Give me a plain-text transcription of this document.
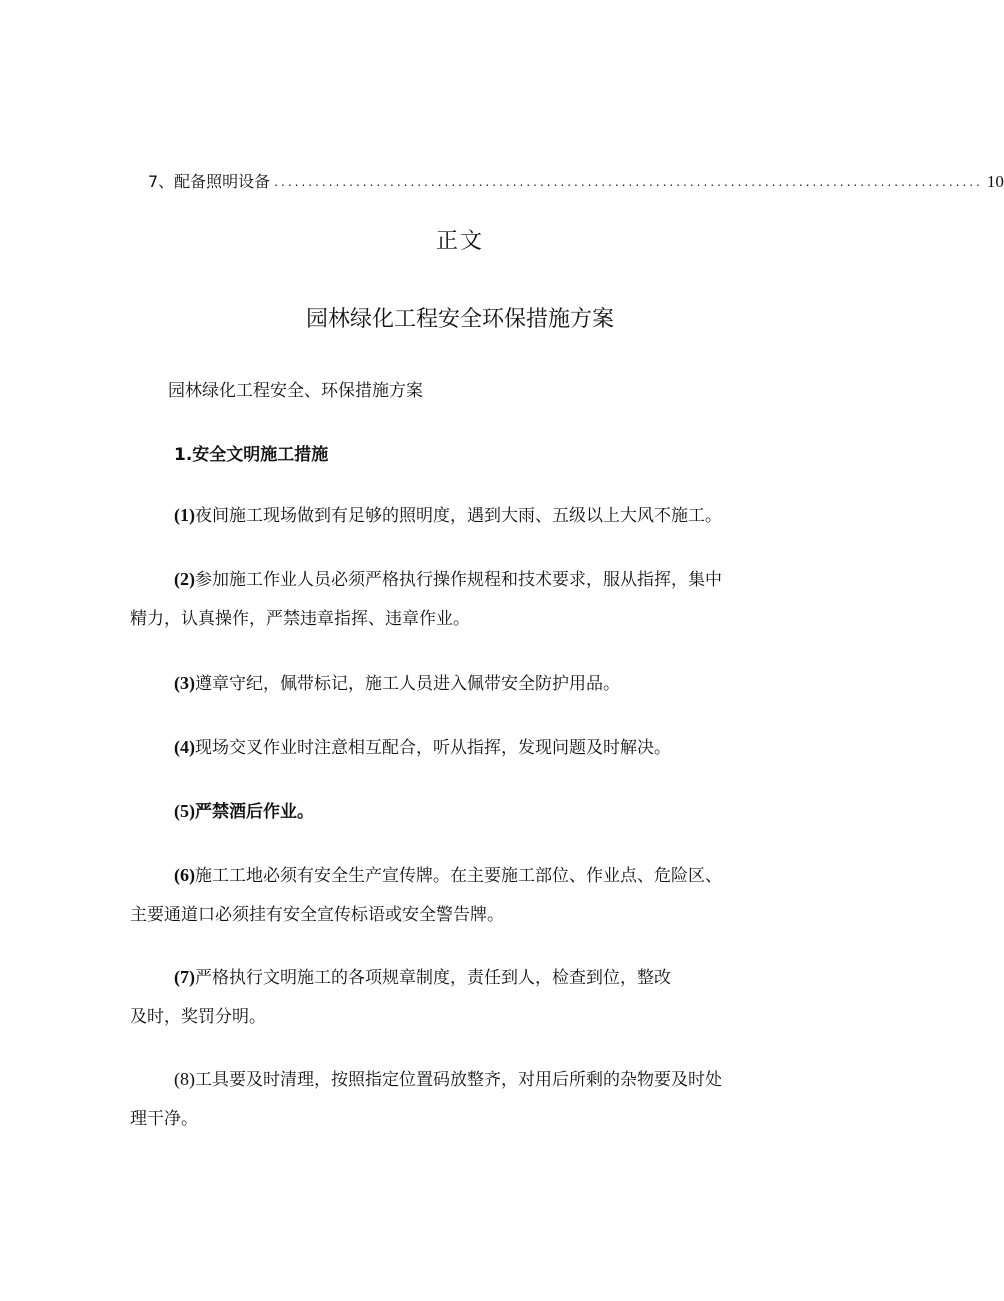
7、配备照明设备 ........................................................................................................ 10
正文
园林绿化工程安全环保措施方案
园林绿化工程安全、环保措施方案
1.安全文明施工措施
(1)夜间施工现场做到有足够的照明度，遇到大雨、五级以上大风不施工。
(2)参加施工作业人员必须严格执行操作规程和技术要求，服从指挥，集中
精力，认真操作，严禁违章指挥、违章作业。
(3)遵章守纪，佩带标记，施工人员进入佩带安全防护用品。
(4)现场交叉作业时注意相互配合，听从指挥，发现问题及时解决。
(5)严禁酒后作业。
(6)施工工地必须有安全生产宣传牌。在主要施工部位、作业点、危险区、
主要通道口必须挂有安全宣传标语或安全警告牌。
(7)严格执行文明施工的各项规章制度，责任到人，检查到位，整改
及时，奖罚分明。
(8)工具要及时清理，按照指定位置码放整齐，对用后所剩的杂物要及时处
理干净。
